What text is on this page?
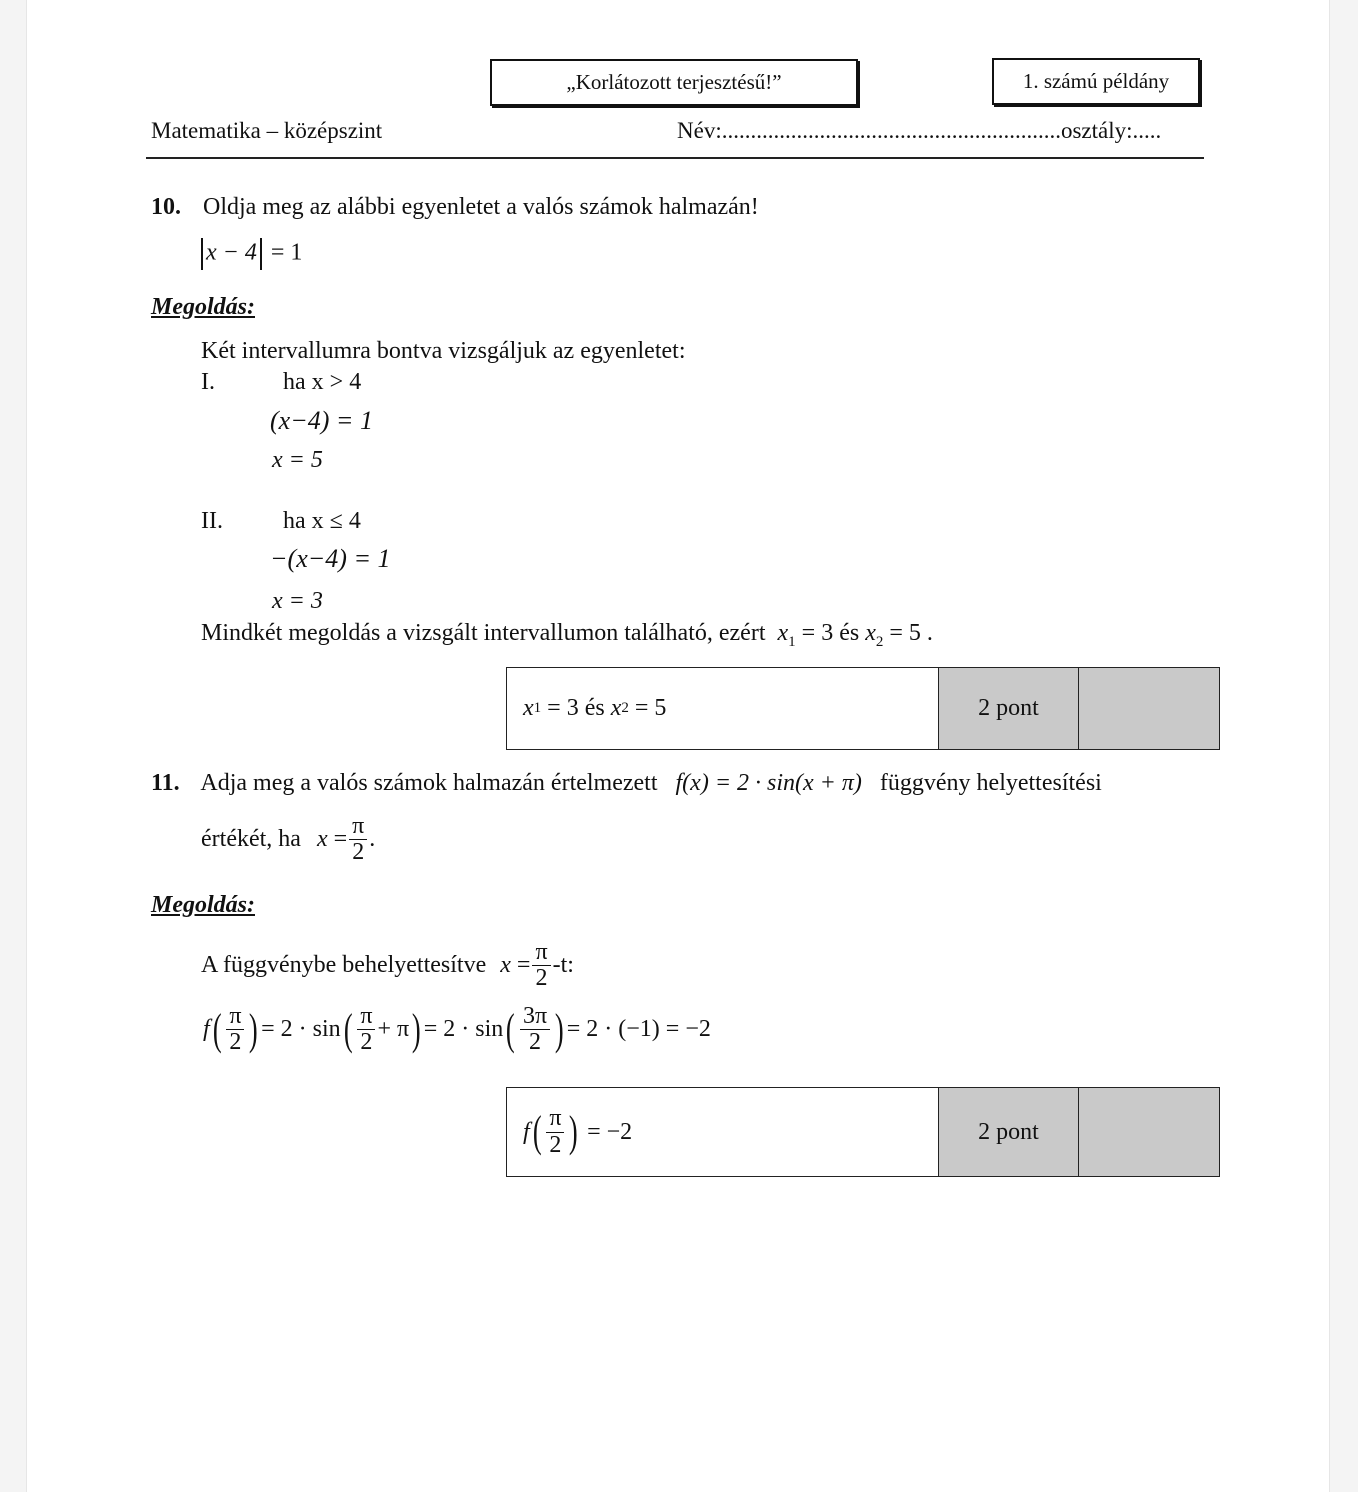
„Korlátozott terjesztésű!”	1. számú példány
Matematika – középszint	Név:...........................................................osztály:.....
10. Oldja meg az alábbi egyenletet a valós számok halmazán!
x − 4 = 1
Megoldás:
Két intervallumra bontva vizsgáljuk az egyenletet:
I.	ha x > 4
(x−4) = 1
x = 5
II.	ha x ≤ 4
−(x−4) = 1
x = 3
Mindkét megoldás a vizsgált intervallumon található, ezért $x_1 = 3$ és $x_2 = 5$ .
x 1 = 3 és x 2 = 5	2 pont
11. Adja meg a valós számok halmazán értelmezett f(x) = 2 · sin(x + π) függvény helyettesítési
értékét, ha $x = \frac{\pi}{2}$ .
Megoldás:
A függvénybe behelyettesítve $x = \frac{\pi}{2} -t$:
$f( \frac{\pi}{2}$ ) = $2 \cdot \sin( \frac{\pi}{2} + \pi) = 2 \cdot \sin( \frac{3\pi}{2}$ ) = 2 · (−1) = −2
f ( $\frac{\pi}{2}$ ) = −2	2 pont
